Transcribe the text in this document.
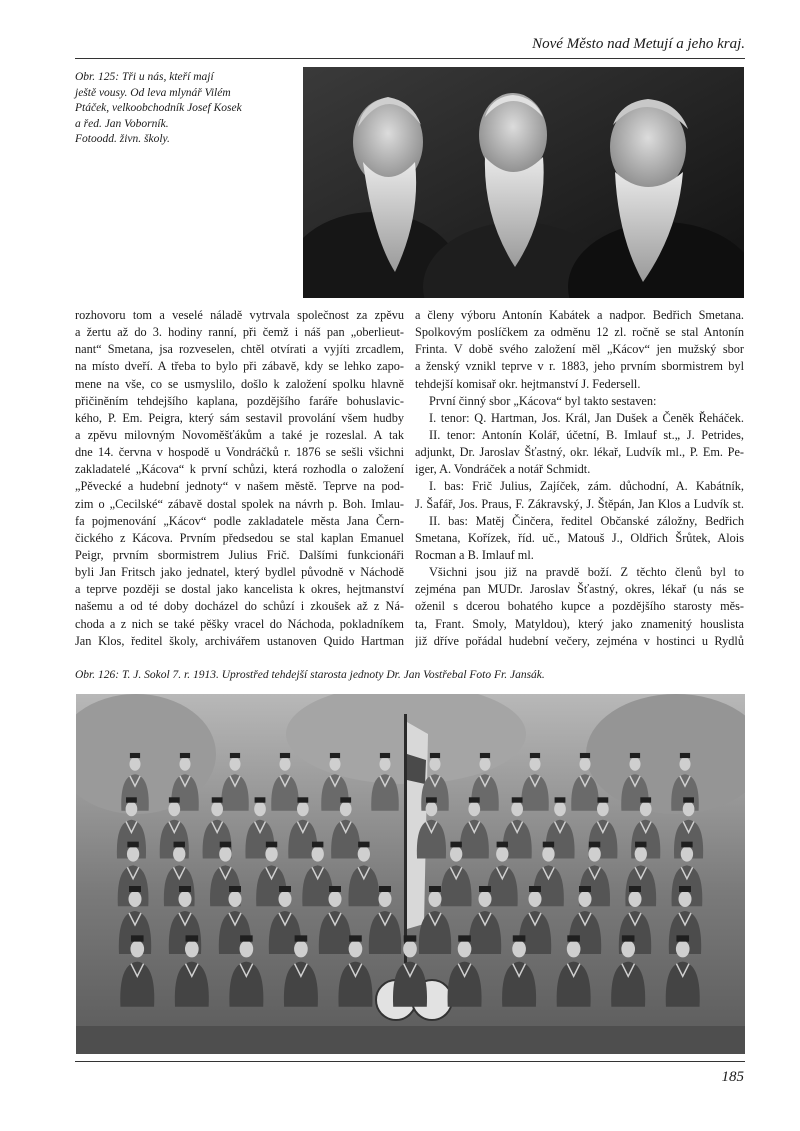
Nové Město nad Metují a jeho kraj.
Obr. 125: Tři u nás, kteří mají
ještě vousy. Od leva mlynář Vilém
Ptáček, velkoobchodník Josef Kosek
a řed. Jan Voborník.
Fotoodd. živn. školy.
rozhovoru tom a veselé náladě vytrvala společnost za zpěvu
a žertu až do 3. hodiny ranní, při čemž i náš pan „oberlieut-
nant“ Smetana, jsa rozveselen, chtěl otvírati a vyjíti zrcadlem,
na místo dveří. A třeba to bylo při zábavě, kdy se lehko zapo-
mene na vše, co se usmyslilo, došlo k založení spolku hlavně
přičiněním tehdejšího kaplana, pozdějšího faráře bohuslavic-
kého, P. Em. Peigra, který sám sestavil provolání všem hudby
a zpěvu milovným Novoměšťákům a také je rozeslal. A tak
dne 14. června v hospodě u Vondráčků r. 1876 se sešli všichni
zakladatelé „Kácova“ k první schůzi, která rozhodla o založení
„Pěvecké a hudební jednoty“ v našem městě. Teprve na pod-
zim o „Cecilské“ zábavě dostal spolek na návrh p. Boh. Imlau-
fa pojmenování „Kácov“ podle zakladatele města Jana Čern-
čického z Kácova. Prvním předsedou se stal kaplan Emanuel
Peigr, prvním sbormistrem Julius Frič. Dalšími funkcionáři
byli Jan Fritsch jako jednatel, který bydlel původně v Náchodě
a teprve později se dostal jako kancelista k okres, hejtmanství
našemu a od té doby docházel do schůzí i zkoušek až z Ná-
choda a z nich se také pěšky vracel do Náchoda, pokladníkem
Jan Klos, ředitel školy, archivářem ustanoven Quido Hartman
a členy výboru Antonín Kabátek a nadpor. Bedřich Smetana.
Spolkovým poslíčkem za odměnu 12 zl. ročně se stal Antonín
Frinta. V době svého založení měl „Kácov“ jen mužský sbor
a ženský vznikl teprve v r. 1883, jeho prvním sbormistrem byl
tehdejší komisař okr. hejtmanství J. Federsell.
První činný sbor „Kácova“ byl takto sestaven:
I. tenor: Q. Hartman, Jos. Král, Jan Dušek a Čeněk Řeháček.
II. tenor: Antonín Kolář, účetní, B. Imlauf st.„ J. Petrides,
adjunkt, Dr. Jaroslav Šťastný, okr. lékař, Ludvík ml., P. Em. Pe-
iger, A. Vondráček a notář Schmidt.
I. bas: Frič Julius, Zajíček, zám. důchodní, A. Kabátník,
J. Šafář, Jos. Praus, F. Zákravský, J. Štěpán, Jan Klos a Ludvík st.
II. bas: Matěj Činčera, ředitel Občanské záložny, Bedřich
Smetana, Kořízek, říd. uč., Matouš J., Oldřich Šrůtek, Alois
Rocman a B. Imlauf ml.
Všichni jsou již na pravdě boží. Z těchto členů byl to
zejména pan MUDr. Jaroslav Šťastný, okres, lékař (u nás se
oženil s dcerou bohatého kupce a pozdějšího starosty měs-
ta, Frant. Smoly, Matyldou), který jako znamenitý houslista
již dříve pořádal hudební večery, zejména v hostinci u Rydlů
Obr. 126: T. J. Sokol 7. r. 1913. Uprostřed tehdejší starosta jednoty Dr. Jan Vostřebal Foto Fr. Jansák.
185
